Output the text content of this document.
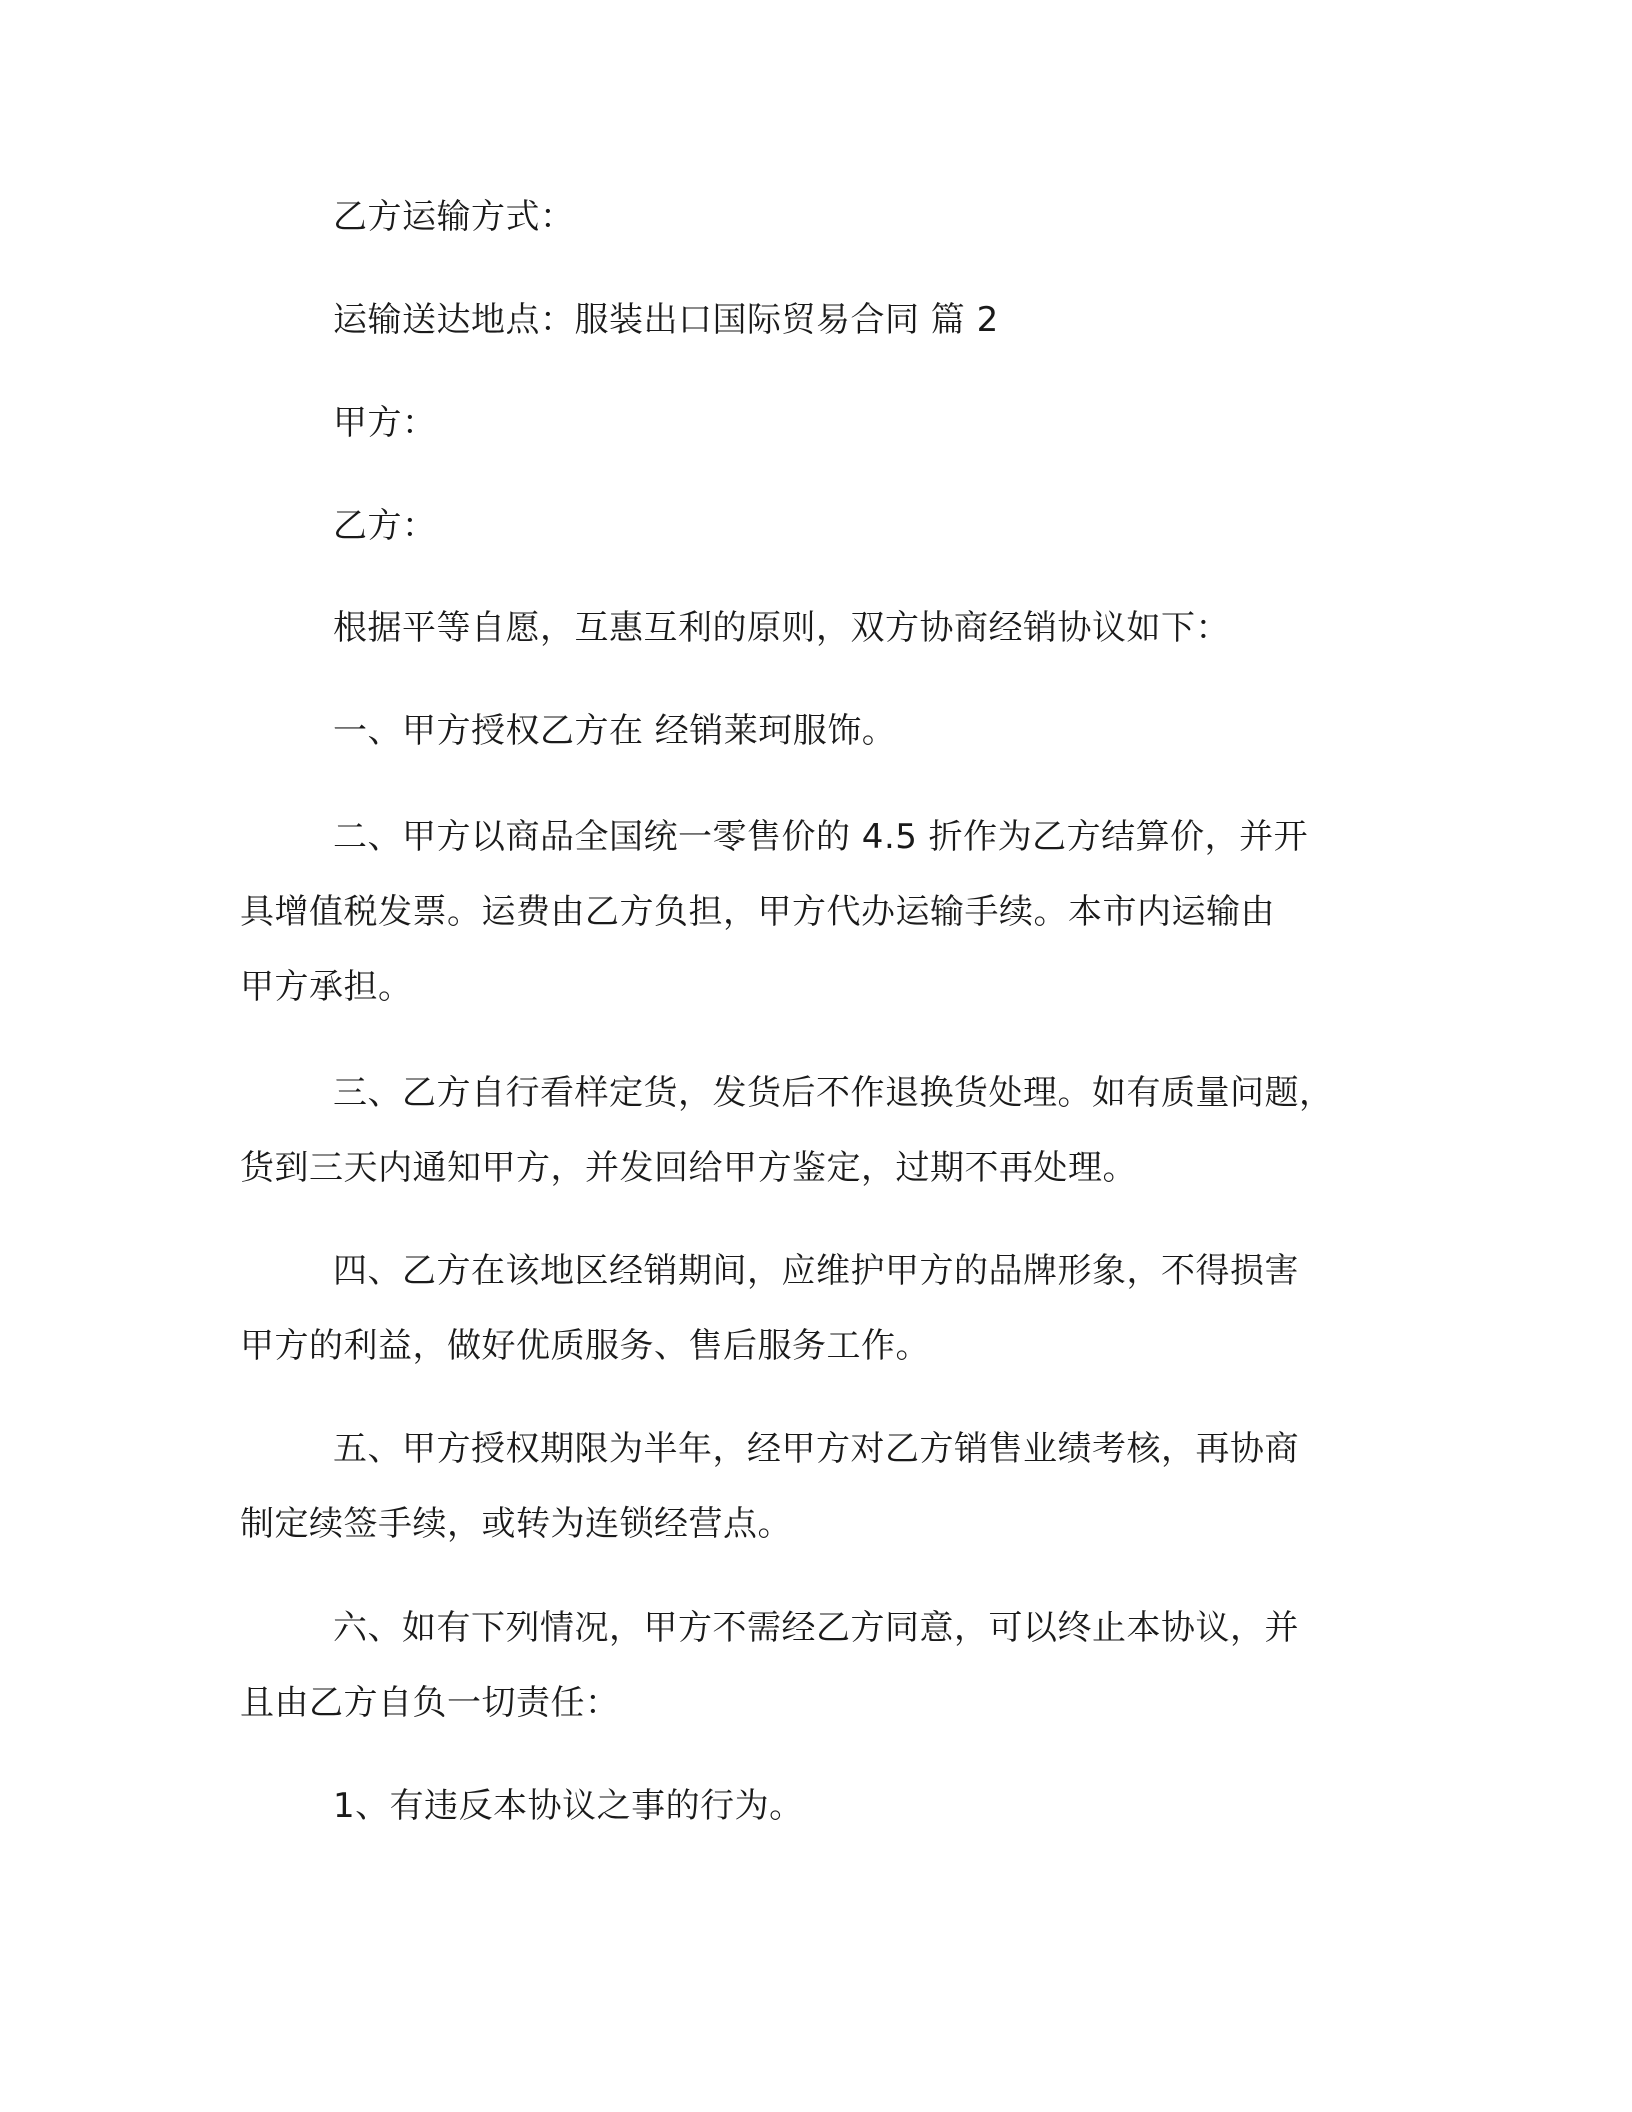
乙方运输方式：
运输送达地点：服装出口国际贸易合同 篇 2
甲方：
乙方：
根据平等自愿，互惠互利的原则，双方协商经销协议如下：
一、甲方授权乙方在 经销莱珂服饰。
二、甲方以商品全国统一零售价的 4.5 折作为乙方结算价，并开
具增值税发票。运费由乙方负担，甲方代办运输手续。本市内运输由
甲方承担。
三、乙方自行看样定货，发货后不作退换货处理。如有质量问题，
货到三天内通知甲方，并发回给甲方鉴定，过期不再处理。
四、乙方在该地区经销期间，应维护甲方的品牌形象，不得损害
甲方的利益，做好优质服务、售后服务工作。
五、甲方授权期限为半年，经甲方对乙方销售业绩考核，再协商
制定续签手续，或转为连锁经营点。
六、如有下列情况，甲方不需经乙方同意，可以终止本协议，并
且由乙方自负一切责任：
1、有违反本协议之事的行为。
